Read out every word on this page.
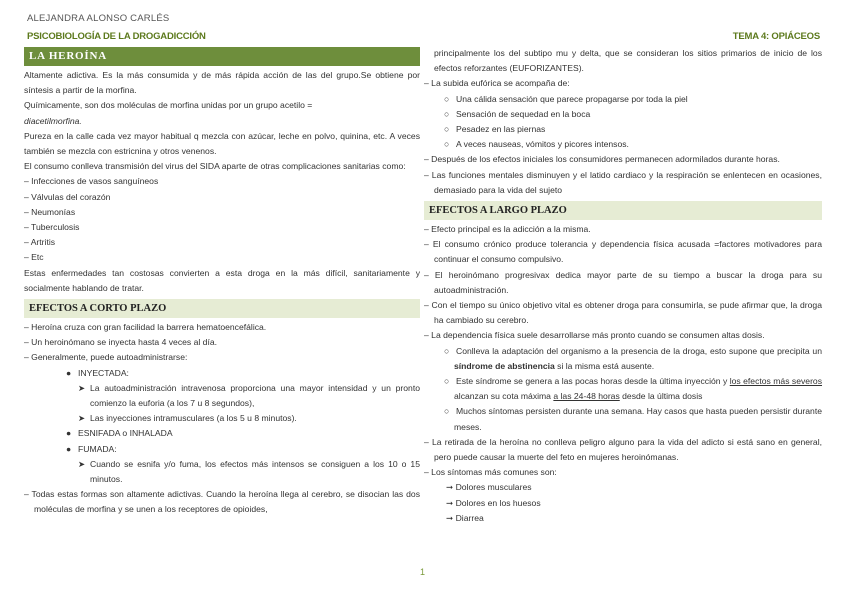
ALEJANDRA ALONSO CARLÉS
PSICOBIOLOGÍA DE LA DROGADICCIÓN	TEMA 4: OPIÁCEOS
LA HEROÍNA

Altamente adictiva. Es la más consumida y de más rápida acción de las del grupo.Se obtiene por síntesis a partir de la morfina.

Químicamente, son dos moléculas de morfina unidas por un grupo acetilo =
diacetilmorfina.

Pureza en la calle cada vez mayor habitual q mezcla con azúcar, leche en polvo, quinina, etc. A veces también se mezcla con estricnina y otros venenos.

El consumo conlleva transmisión del virus del SIDA aparte de otras complicaciones sanitarias como:

– Infecciones de vasos sanguíneos

– Válvulas del corazón

– Neumonías

– Tuberculosis

– Artritis

– Etc

Estas enfermedades tan costosas convierten a esta droga en la más difícil, sanitariamente y socialmente hablando de tratar.

EFECTOS A CORTO PLAZO

– Heroína cruza con gran facilidad la barrera hematoencefálica.

– Un heroinómano se inyecta hasta 4 veces al día.

– Generalmente, puede autoadministrarse:

● INYECTADA:

➤ La autoadministración intravenosa proporciona una mayor intensidad y un pronto comienzo la euforia (a los 7 u 8 segundos),

➤ Las inyecciones intramusculares (a los 5 u 8 minutos).

● ESNIFADA o INHALADA

● FUMADA:

➤ Cuando se esnifa y/o fuma, los efectos más intensos se consiguen a los 10 o 15 minutos.

– Todas estas formas son altamente adictivas. Cuando la heroína llega al cerebro, se disocian las dos moléculas de morfina y se unen a los receptores de opioides,

principalmente los del subtipo mu y delta, que se consideran los sitios primarios de inicio de los efectos reforzantes (EUFORIZANTES).

– La subida eufórica se acompaña de:

○ Una cálida sensación que parece propagarse por toda la piel

○ Sensación de sequedad en la boca

○ Pesadez en las piernas

○ A veces nauseas, vómitos y picores intensos.

– Después de los efectos iniciales los consumidores permanecen adormilados durante horas.

– Las funciones mentales disminuyen y el latido cardiaco y la respiración se enlentecen en ocasiones, demasiado para la vida del sujeto

EFECTOS A LARGO PLAZO

– Efecto principal es la adicción a la misma.

– El consumo crónico produce tolerancia y dependencia física acusada =factores motivadores para continuar el consumo compulsivo.

– El heroinómano progresivax dedica mayor parte de su tiempo a buscar la droga para su autoadministración.

– Con el tiempo su único objetivo vital es obtener droga para consumirla, se pude afirmar que, la droga ha cambiado su cerebro.

– La dependencia física suele desarrollarse más pronto cuando se consumen altas dosis.

○ Conlleva la adaptación del organismo a la presencia de la droga, esto supone que precipita un síndrome de abstinencia si la misma está ausente.

○ Este síndrome se genera a las pocas horas desde la última inyección y los efectos más severos alcanzan su cota máxima a las 24-48 horas desde la última dosis

○ Muchos síntomas persisten durante una semana. Hay casos que hasta pueden persistir durante meses.

– La retirada de la heroína no conlleva peligro alguno para la vida del adicto si está sano en general, pero puede causar la muerte del feto en mujeres heroinómanas.

– Los síntomas más comunes son:

➞ Dolores musculares

➞ Dolores en los huesos

➞ Diarrea

1
